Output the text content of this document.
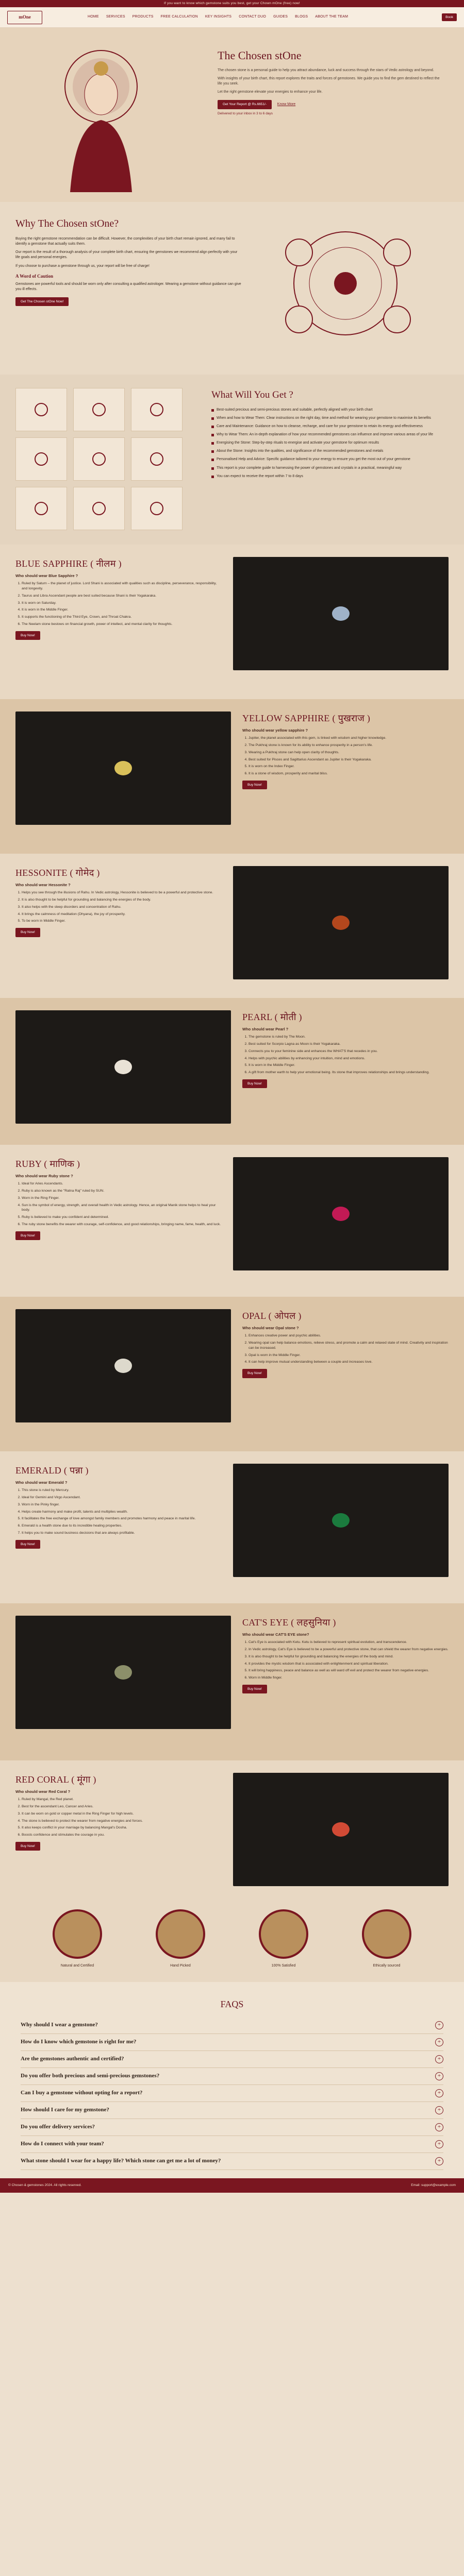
If you want to know which gemstone suits you best, get your Chown mOne (free) now!
mOne	HOME SERVICES PRODUCTS FREE CALCULATION KEY INSIGHTS CONTACT DUO GUIDES BLOGS ABOUT THE TEAM	Book
The Chosen stOne

The chosen stone is a personal guide to help you attract abundance, luck and success through the stars of Vedic astrology and beyond.

With insights of your birth chart, this report explores the traits and forces of gemstones. We guide you to find the gem destined to reflect the life you seek.

Let the right gemstone elevate your energies to enhance your life.

Get Your Report @ Rs.6651/-	Know More
Delivered to your inbox in 3 to 6 days
Why The Chosen stOne?

Buying the right gemstone recommendation can be difficult. However, the complexities of your birth chart remain ignored, and many fail to identify a gemstone that actually suits them.

Our report is the result of a thorough analysis of your complete birth chart, ensuring the gemstones we recommend align perfectly with your life goals and personal energies.

If you choose to purchase a gemstone through us, your report will be free of charge!

A Word of Caution

Gemstones are powerful tools and should be worn only after consulting a qualified astrologer. Wearing a gemstone without guidance can give you ill effects.

Get The Chosen stOne Now!
What Will You Get ?
Best-suited precious and semi-precious stones and suitable, perfectly aligned with your birth chart
When and how to Wear Them: Clear instructions on the right day, time and method for wearing your gemstone to maximise its benefits
Care and Maintenance: Guidance on how to cleanse, recharge, and care for your gemstone to retain its energy and effectiveness
Why to Wear Them: An in-depth explanation of how your recommended gemstones can influence and improve various areas of your life
Energising the Stone: Step-by-step rituals to energise and activate your gemstone for optimum results
About the Stone: Insights into the qualities, and significance of the recommended gemstones and metals
Personalised Help and Advice: Specific guidance tailored to your energy to ensure you get the most out of your gemstone
This report is your complete guide to harnessing the power of gemstones and crystals in a practical, meaningful way
You can expect to receive the report within 7 to 8 days
BLUE SAPPHIRE ( नीलम )
Who should wear Blue Sapphire ?
1. Ruled by Saturn – the planet of justice. Lord Shani is associated with qualities such as discipline, perseverance, responsibility, and longevity.
2. Taurus and Libra Ascendant people are best suited because Shani is their Yogakaraka.
3. It is worn on Saturday.
4. It is worn in the Middle Finger.
5. It supports the functioning of the Third Eye, Crown, and Throat Chakra.
6. The Neelam stone bestows on financial growth, power of intellect, and mental clarity for thoughts.
Buy Now!
YELLOW SAPPHIRE ( पुखराज )
Who should wear yellow sapphire ?
1. Jupiter, the planet associated with this gem, is linked with wisdom and higher knowledge.
2. The Pukhraj stone is known for its ability to enhance prosperity in a person's life.
3. Wearing a Pukhraj stone can help open clarity of thoughts.
4. Best suited for Pisces and Sagittarius Ascendant as Jupiter is their Yogakaraka.
5. It is worn on the Index Finger.
6. It is a stone of wisdom, prosperity and marital bliss.
Buy Now!
HESSONITE ( गोमेद )
Who should wear Hessonite ?
1. Helps you see through the illusions of Rahu. In Vedic astrology, Hessonite is believed to be a powerful and protective stone.
2. It is also thought to be helpful for grounding and balancing the energies of the body.
3. It also helps with the sleep disorders and concentration of Rahu.
4. It brings the calmness of meditation (Dhyana), the joy of prosperity.
5. To be worn in Middle Finger.
Buy Now!
PEARL ( मोती )
Who should wear Pearl ?
1. The gemstone is ruled by The Moon.
2. Best suited for Scorpio Lagna as Moon is their Yogakaraka.
3. Connects you to your feminine side and enhances the WHAT'S that recedes in you.
4. Helps with psychic abilities by enhancing your intuition, mind and emotions.
5. It is worn in the Middle Finger.
6. A gift from mother earth to help your emotional being. Its stone that improves relationships and brings understanding.
Buy Now!
RUBY ( माणिक )
Who should wear Ruby stone ?
1. Ideal for Aries Ascendants.
2. Ruby is also known as the "Ratna Raj" ruled by SUN.
3. Worn in the Ring Finger.
4. Sun is the symbol of energy, strength, and overall health in Vedic astrology. Hence, an original Manik stone helps to heal your body.
5. Ruby is believed to make you confident and determined.
6. The ruby stone benefits the wearer with courage, self-confidence, and good relationships, bringing name, fame, health, and luck.
Buy Now!
OPAL ( ओपल )
Who should wear Opal stone ?
1. Enhances creative power and psychic abilities.
2. Wearing opal can help balance emotions, relieve stress, and promote a calm and relaxed state of mind. Creativity and inspiration can be increased.
3. Opal is worn in the Middle Finger.
4. It can help improve mutual understanding between a couple and increases love.
Buy Now!
EMERALD ( पन्ना )
Who should wear Emerald ?
1. This stone is ruled by Mercury.
2. Ideal for Gemini and Virgo Ascendant.
3. Worn in the Pinky finger.
4. Helps create harmony and make profit, talents and multiplies wealth.
5. It facilitates the free exchange of love amongst family members and promotes harmony and peace in marital life.
6. Emerald is a health stone due to its incredible healing properties.
7. It helps you to make sound business decisions that are always profitable.
Buy Now!
CAT'S EYE ( लहसुनिया )
Who should wear CAT'S EYE stone?
1. Cat's Eye is associated with Ketu. Ketu is believed to represent spiritual evolution, and transcendence.
2. In Vedic astrology, Cat's Eye is believed to be a powerful and protective stone, that can shield the wearer from negative energies.
3. It is also thought to be helpful for grounding and balancing the energies of the body and mind.
4. It provides the mystic wisdom that is associated with enlightenment and spiritual liberation.
5. It will bring happiness, peace and balance as well as will ward off evil and protect the wearer from negative energies.
6. Worn in Middle finger.
Buy Now!
RED CORAL ( मूंगा )
Who should wear Red Coral ?
1. Ruled by Mangal, the Red planet.
2. Best for the ascendant Leo, Cancer and Aries.
3. It can be worn on gold or copper metal in the Ring Finger for high levels.
4. The stone is believed to protect the wearer from negative energies and forces.
5. It also keeps conflict in your marriage by balancing Mangal's Dosha.
6. Boosts confidence and stimulates the courage in you.
Buy Now!
Natural and Certified	Hand Picked	100% Satisfied	Ethically sourced
FAQS
Why should I wear a gemstone?	+
How do I know which gemstone is right for me?	+
Are the gemstones authentic and certified?	+
Do you offer both precious and semi-precious gemstones?	+
Can I buy a gemstone without opting for a report?	+
How should I care for my gemstone?	+
Do you offer delivery services?	+
How do I connect with your team?	+
What stone should I wear for a happy life? Which stone can get me a lot of money?	+
© Chosen & gemstones 2024. All rights reserved.	Email: support@example.com
